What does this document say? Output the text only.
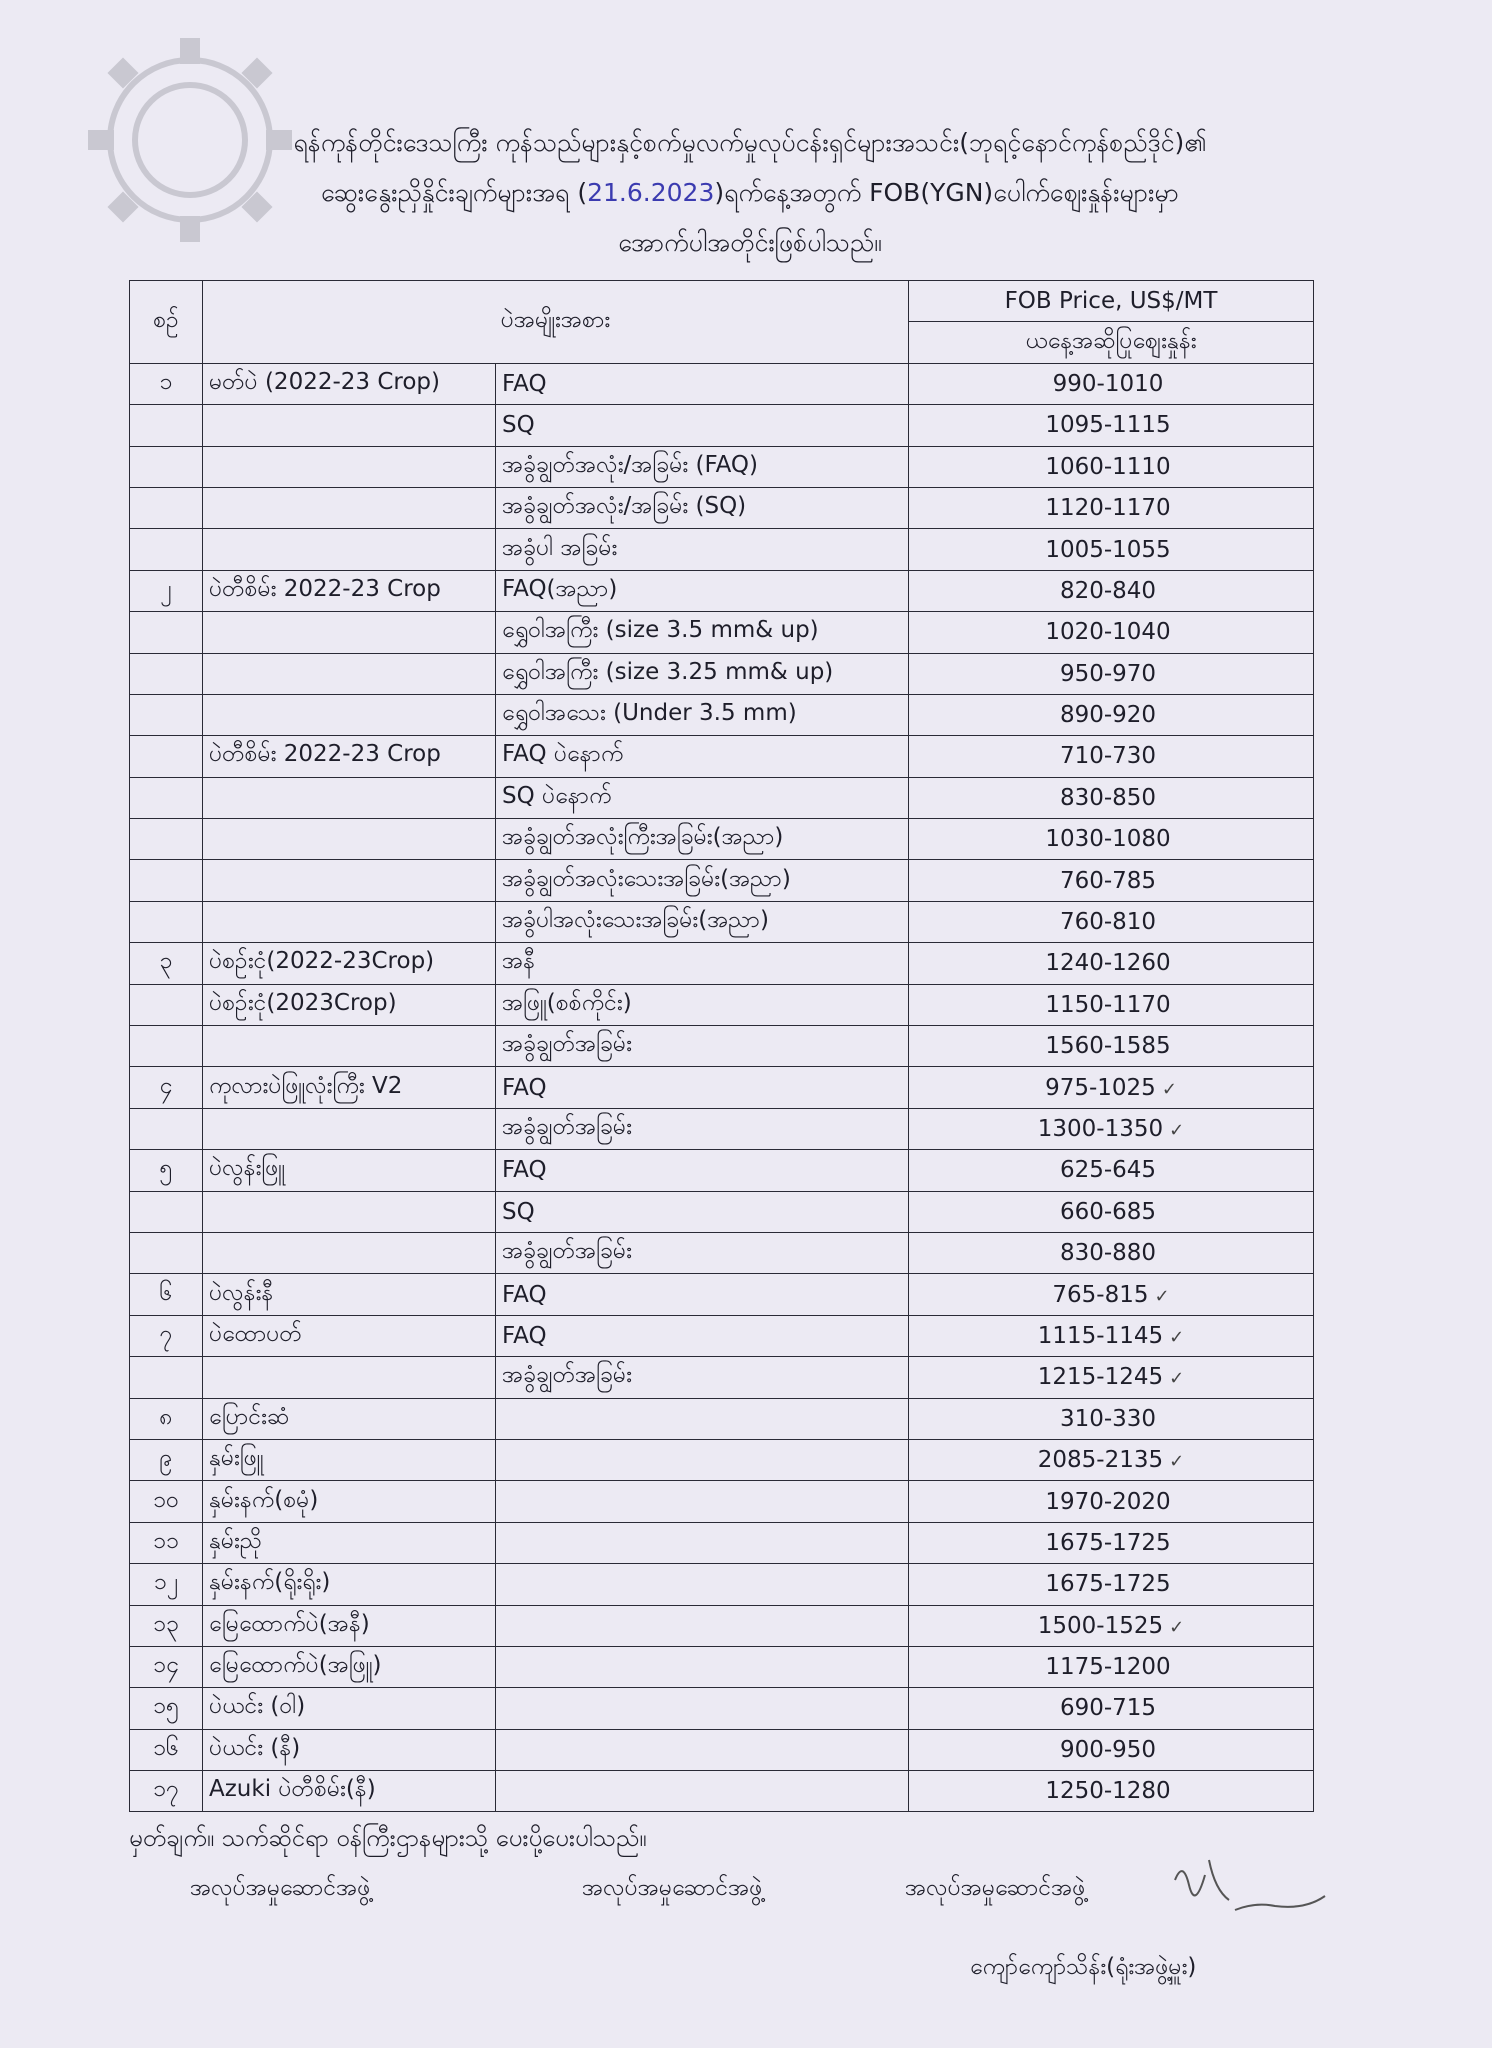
ရန်ကုန်တိုင်းဒေသကြီး ကုန်သည်များနှင့်စက်မှုလက်မှုလုပ်ငန်းရှင်များအသင်း(ဘုရင့်နောင်ကုန်စည်ဒိုင်)၏
ဆွေးနွေးညှိနှိုင်းချက်များအရ (21.6.2023)ရက်နေ့အတွက် FOB(YGN)ပေါက်ဈေးနှုန်းများမှာ
အောက်ပါအတိုင်းဖြစ်ပါသည်။
စဉ်	ပဲအမျိုးအစား		FOB Price, US$/MT
			ယနေ့အဆိုပြုဈေးနှုန်း
၁	မတ်ပဲ (2022-23 Crop)	FAQ	990-1010
		SQ	1095-1115
		အခွံချွတ်အလုံး/အခြမ်း (FAQ)	1060-1110
		အခွံချွတ်အလုံး/အခြမ်း (SQ)	1120-1170
		အခွံပါ အခြမ်း	1005-1055
၂	ပဲတီစိမ်း 2022-23 Crop	FAQ(အညာ)	820-840
		ရွှေဝါအကြီး (size 3.5 mm& up)	1020-1040
		ရွှေဝါအကြီး (size 3.25 mm& up)	950-970
		ရွှေဝါအသေး (Under 3.5 mm)	890-920
	ပဲတီစိမ်း 2022-23 Crop	FAQ ပဲနောက်	710-730
		SQ ပဲနောက်	830-850
		အခွံချွတ်အလုံးကြီးအခြမ်း(အညာ)	1030-1080
		အခွံချွတ်အလုံးသေးအခြမ်း(အညာ)	760-785
		အခွံပါအလုံးသေးအခြမ်း(အညာ)	760-810
၃	ပဲစဉ်းငုံ(2022-23Crop)	အနီ	1240-1260
	ပဲစဉ်းငုံ(2023Crop)	အဖြူ(စစ်ကိုင်း)	1150-1170
		အခွံချွတ်အခြမ်း	1560-1585
၄	ကုလားပဲဖြူလုံးကြီး V2	FAQ	975-1025 ✓
		အခွံချွတ်အခြမ်း	1300-1350 ✓
၅	ပဲလွန်းဖြူ	FAQ	625-645
		SQ	660-685
		အခွံချွတ်အခြမ်း	830-880
၆	ပဲလွန်းနီ	FAQ	765-815 ✓
၇	ပဲထောပတ်	FAQ	1115-1145 ✓
		အခွံချွတ်အခြမ်း	1215-1245 ✓
၈	ပြောင်းဆံ		310-330
၉	နှမ်းဖြူ		2085-2135 ✓
၁၀	နှမ်းနက်(စမုံ)		1970-2020
၁၁	နှမ်းညို		1675-1725
၁၂	နှမ်းနက်(ရိုးရိုး)		1675-1725
၁၃	မြေထောက်ပဲ(အနီ)		1500-1525 ✓
၁၄	မြေထောက်ပဲ(အဖြူ)		1175-1200
၁၅	ပဲယင်း (ဝါ)		690-715
၁၆	ပဲယင်း (နီ)		900-950
၁၇	Azuki ပဲတီစိမ်း(နီ)		1250-1280
မှတ်ချက်။ သက်ဆိုင်ရာ ဝန်ကြီးဌာနများသို့ ပေးပို့ပေးပါသည်။
အလုပ်အမှုဆောင်အဖွဲ့	အလုပ်အမှုဆောင်အဖွဲ့	အလုပ်အမှုဆောင်အဖွဲ့
ကျော်ကျော်သိန်း(ရုံးအဖွဲ့မှူး)
